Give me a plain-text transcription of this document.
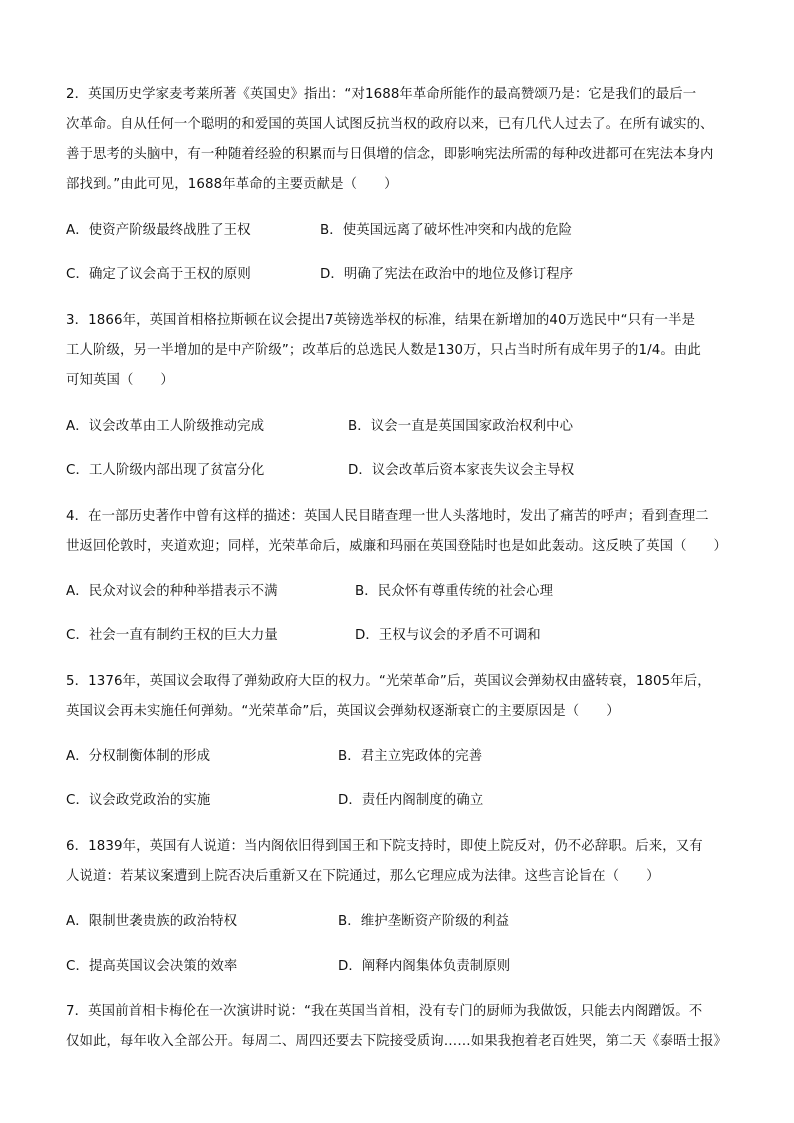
2．英国历史学家麦考莱所著《英国史》指出：“对1688年革命所能作的最高赞颂乃是：它是我们的最后一
次革命。自从任何一个聪明的和爱国的英国人试图反抗当权的政府以来，已有几代人过去了。在所有诚实的、
善于思考的头脑中，有一种随着经验的积累而与日俱增的信念，即影响宪法所需的每种改进都可在宪法本身内
部找到。”由此可见，1688年革命的主要贡献是（　　）
A．使资产阶级最终战胜了王权	B．使英国远离了破坏性冲突和内战的危险
C．确定了议会高于王权的原则	D．明确了宪法在政治中的地位及修订程序
3．1866年，英国首相格拉斯顿在议会提出7英镑选举权的标准，结果在新增加的40万选民中“只有一半是
工人阶级，另一半增加的是中产阶级”；改革后的总选民人数是130万，只占当时所有成年男子的1/4。由此
可知英国（　　）
A．议会改革由工人阶级推动完成	B．议会一直是英国国家政治权利中心
C．工人阶级内部出现了贫富分化	D．议会改革后资本家丧失议会主导权
4．在一部历史著作中曾有这样的描述：英国人民目睹查理一世人头落地时，发出了痛苦的呼声；看到查理二
世返回伦敦时，夹道欢迎；同样，光荣革命后，威廉和玛丽在英国登陆时也是如此轰动。这反映了英国（　　）
A．民众对议会的种种举措表示不满	B．民众怀有尊重传统的社会心理
C．社会一直有制约王权的巨大力量	D．王权与议会的矛盾不可调和
5．1376年，英国议会取得了弹劾政府大臣的权力。“光荣革命”后，英国议会弹劾权由盛转衰，1805年后，
英国议会再未实施任何弹劾。“光荣革命”后，英国议会弹劾权逐渐衰亡的主要原因是（　　）
A．分权制衡体制的形成	B．君主立宪政体的完善
C．议会政党政治的实施	D．责任内阁制度的确立
6．1839年，英国有人说道：当内阁依旧得到国王和下院支持时，即使上院反对，仍不必辞职。后来，又有
人说道：若某议案遭到上院否决后重新又在下院通过，那么它理应成为法律。这些言论旨在（　　）
A．限制世袭贵族的政治特权	B．维护垄断资产阶级的利益
C．提高英国议会决策的效率	D．阐释内阁集体负责制原则
7．英国前首相卡梅伦在一次演讲时说：“我在英国当首相，没有专门的厨师为我做饭，只能去内阁蹭饭。不
仅如此，每年收入全部公开。每周二、周四还要去下院接受质询……如果我抱着老百姓哭，第二天《泰晤士报》
